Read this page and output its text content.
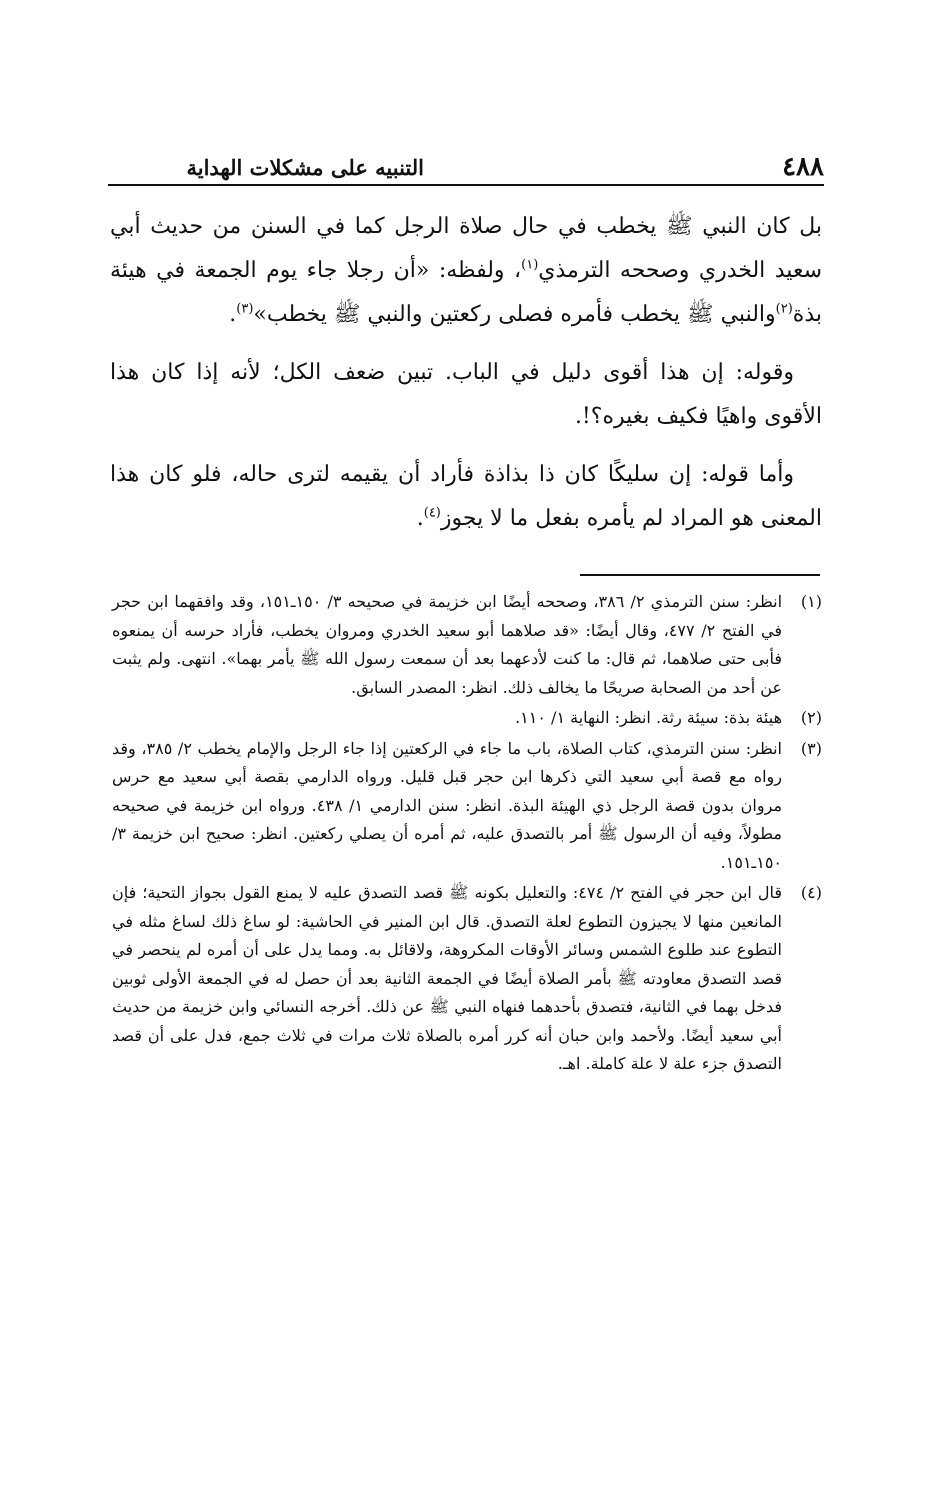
التنبيه على مشكلات الهداية	٤٨٨

بل كان النبي ﷺ يخطب في حال صلاة الرجل كما في السنن من حديث أبي سعيد الخدري وصححه الترمذي$^{(١)}$، ولفظه: «أن رجلا جاء يوم الجمعة في هيئة بذة$^{(٢)}$والنبي ﷺ يخطب فأمره فصلى ركعتين والنبي ﷺ يخطب»$^{(٣)}$.

وقوله: إن هذا أقوى دليل في الباب. تبين ضعف الكل؛ لأنه إذا كان هذا الأقوى واهيًا فكيف بغيره؟!.

وأما قوله: إن سليكًا كان ذا بذاذة فأراد أن يقيمه لترى حاله، فلو كان هذا المعنى هو المراد لم يأمره بفعل ما لا يجوز$^{(٤)}$.

(١)
انظر: سنن الترمذي ٢/ ٣٨٦، وصححه أيضًا ابن خزيمة في صحيحه ٣/ ١٥٠ـ١٥١، وقد وافقهما ابن حجر في الفتح ٢/ ٤٧٧، وقال أيضًا: «قد صلاهما أبو سعيد الخدري ومروان يخطب، فأراد حرسه أن يمنعوه فأبى حتى صلاهما، ثم قال: ما كنت لأدعهما بعد أن سمعت رسول الله ﷺ يأمر بهما». انتهى. ولم يثبت عن أحد من الصحابة صريحًا ما يخالف ذلك. انظر: المصدر السابق.
(٢)
هيئة بذة: سيئة رثة. انظر: النهاية ١/ ١١٠.
(٣)
انظر: سنن الترمذي، كتاب الصلاة، باب ما جاء في الركعتين إذا جاء الرجل والإمام يخطب ٢/ ٣٨٥، وقد رواه مع قصة أبي سعيد التي ذكرها ابن حجر قبل قليل. ورواه الدارمي بقصة أبي سعيد مع حرس مروان بدون قصة الرجل ذي الهيئة البذة. انظر: سنن الدارمي ١/ ٤٣٨. ورواه ابن خزيمة في صحيحه مطولاً، وفيه أن الرسول ﷺ أمر بالتصدق عليه، ثم أمره أن يصلي ركعتين. انظر: صحيح ابن خزيمة ٣/ ١٥٠ـ١٥١.
(٤)
قال ابن حجر في الفتح ٢/ ٤٧٤: والتعليل بكونه ﷺ قصد التصدق عليه لا يمنع القول بجواز التحية؛ فإن المانعين منها لا يجيزون التطوع لعلة التصدق. قال ابن المنير في الحاشية: لو ساغ ذلك لساغ مثله في التطوع عند طلوع الشمس وسائر الأوقات المكروهة، ولاقائل به. ومما يدل على أن أمره لم ينحصر في قصد التصدق معاودته ﷺ بأمر الصلاة أيضًا في الجمعة الثانية بعد أن حصل له في الجمعة الأولى ثوبين فدخل بهما في الثانية، فتصدق بأحدهما فنهاه النبي ﷺ عن ذلك. أخرجه النسائي وابن خزيمة من حديث أبي سعيد أيضًا. ولأحمد وابن حبان أنه كرر أمره بالصلاة ثلاث مرات في ثلاث جمع، فدل على أن قصد التصدق جزء علة لا علة كاملة. اهـ.
